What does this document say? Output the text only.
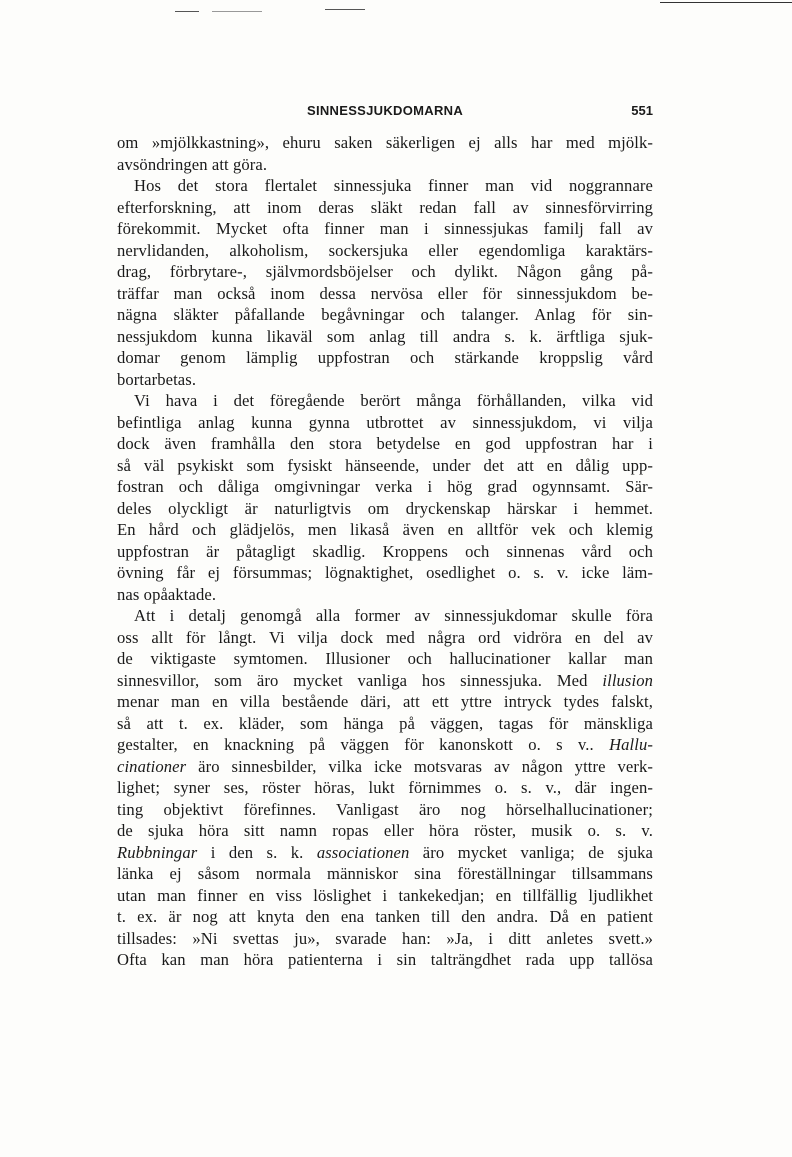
SINNESSJUKDOMARNA	551
om »mjölkkastning», ehuru saken säkerligen ej alls har med mjölk-
avsöndringen att göra.
Hos det stora flertalet sinnessjuka finner man vid noggrannare
efterforskning, att inom deras släkt redan fall av sinnesförvirring
förekommit. Mycket ofta finner man i sinnessjukas familj fall av
nervlidanden, alkoholism, sockersjuka eller egendomliga karaktärs-
drag, förbrytare-, självmordsböjelser och dylikt. Någon gång på-
träffar man också inom dessa nervösa eller för sinnessjukdom be-
nägna släkter påfallande begåvningar och talanger. Anlag för sin-
nessjukdom kunna likaväl som anlag till andra s. k. ärftliga sjuk-
domar genom lämplig uppfostran och stärkande kroppslig vård
bortarbetas.
Vi hava i det föregående berört många förhållanden, vilka vid
befintliga anlag kunna gynna utbrottet av sinnessjukdom, vi vilja
dock även framhålla den stora betydelse en god uppfostran har i
så väl psykiskt som fysiskt hänseende, under det att en dålig upp-
fostran och dåliga omgivningar verka i hög grad ogynnsamt. Sär-
deles olyckligt är naturligtvis om dryckenskap härskar i hemmet.
En hård och glädjelös, men likaså även en alltför vek och klemig
uppfostran är påtagligt skadlig. Kroppens och sinnenas vård och
övning får ej försummas; lögnaktighet, osedlighet o. s. v. icke läm-
nas opåaktade.
Att i detalj genomgå alla former av sinnessjukdomar skulle föra
oss allt för långt. Vi vilja dock med några ord vidröra en del av
de viktigaste symtomen. Illusioner och hallucinationer kallar man
sinnesvillor, som äro mycket vanliga hos sinnessjuka. Med illusion
menar man en villa bestående däri, att ett yttre intryck tydes falskt,
så att t. ex. kläder, som hänga på väggen, tagas för mänskliga
gestalter, en knackning på väggen för kanonskott o. s v.. Hallu-
cinationer äro sinnesbilder, vilka icke motsvaras av någon yttre verk-
lighet; syner ses, röster höras, lukt förnimmes o. s. v., där ingen-
ting objektivt förefinnes. Vanligast äro nog hörselhallucinationer;
de sjuka höra sitt namn ropas eller höra röster, musik o. s. v.
Rubbningar i den s. k. associationen äro mycket vanliga; de sjuka
länka ej såsom normala människor sina föreställningar tillsammans
utan man finner en viss löslighet i tankekedjan; en tillfällig ljudlikhet
t. ex. är nog att knyta den ena tanken till den andra. Då en patient
tillsades: »Ni svettas ju», svarade han: »Ja, i ditt anletes svett.»
Ofta kan man höra patienterna i sin talträngdhet rada upp tallösa
